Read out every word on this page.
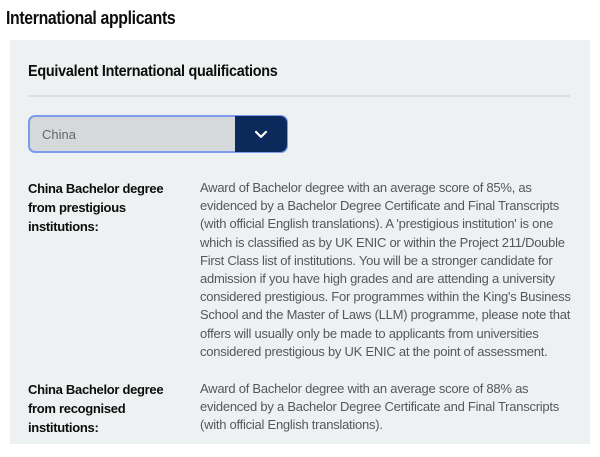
International applicants
Equivalent International qualifications
China
China Bachelor degree from prestigious institutions:
Award of Bachelor degree with an average score of 85%, as evidenced by a Bachelor Degree Certificate and Final Transcripts (with official English translations). A 'prestigious institution' is one which is classified as by UK ENIC or within the Project 211/Double First Class list of institutions. You will be a stronger candidate for admission if you have high grades and are attending a university considered prestigious. For programmes within the King's Business School and the Master of Laws (LLM) programme, please note that offers will usually only be made to applicants from universities considered prestigious by UK ENIC at the point of assessment.
China Bachelor degree from recognised institutions:
Award of Bachelor degree with an average score of 88% as evidenced by a Bachelor Degree Certificate and Final Transcripts (with official English translations).
